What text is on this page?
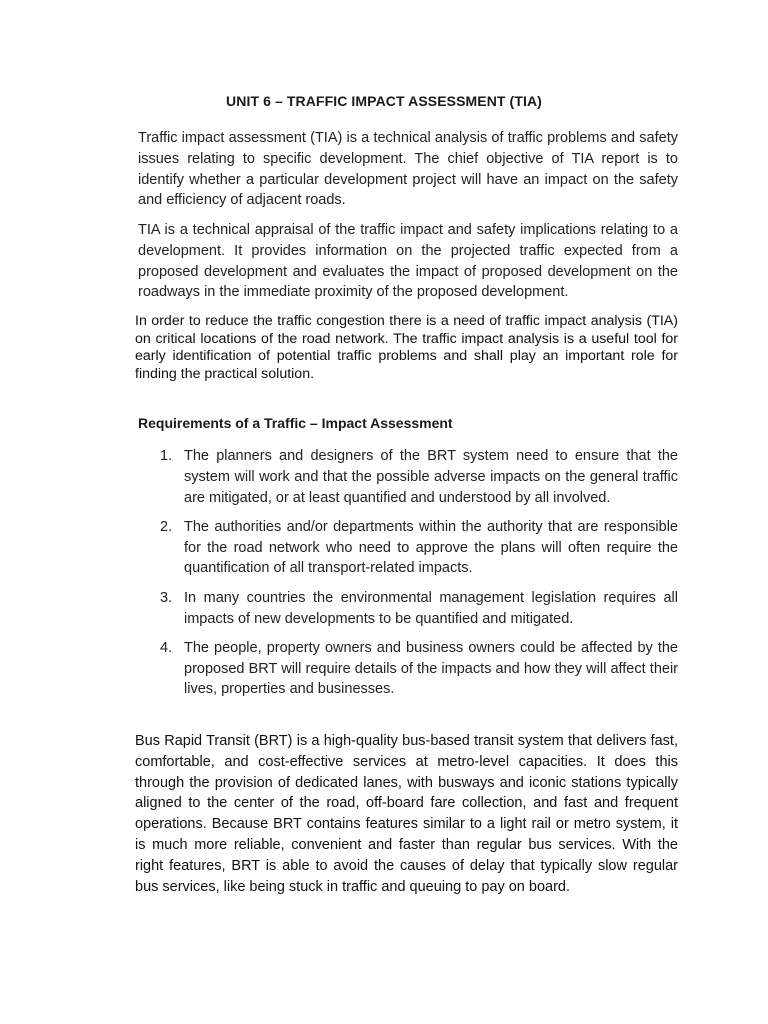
UNIT 6 – TRAFFIC IMPACT ASSESSMENT (TIA)

Traffic impact assessment (TIA) is a technical analysis of traffic problems and safety issues relating to specific development. The chief objective of TIA report is to identify whether a particular development project will have an impact on the safety and efficiency of adjacent roads.

TIA is a technical appraisal of the traffic impact and safety implications relating to a development. It provides information on the projected traffic expected from a proposed development and evaluates the impact of proposed development on the roadways in the immediate proximity of the proposed development.

In order to reduce the traffic congestion there is a need of traffic impact analysis (TIA) on critical locations of the road network. The traffic impact analysis is a useful tool for early identification of potential traffic problems and shall play an important role for finding the practical solution.

Requirements of a Traffic – Impact Assessment
1. The planners and designers of the BRT system need to ensure that the system will work and that the possible adverse impacts on the general traffic are mitigated, or at least quantified and understood by all involved.
2. The authorities and/or departments within the authority that are responsible for the road network who need to approve the plans will often require the quantification of all transport-related impacts.
3. In many countries the environmental management legislation requires all impacts of new developments to be quantified and mitigated.
4. The people, property owners and business owners could be affected by the proposed BRT will require details of the impacts and how they will affect their lives, properties and businesses.

Bus Rapid Transit (BRT) is a high-quality bus-based transit system that delivers fast, comfortable, and cost-effective services at metro-level capacities. It does this through the provision of dedicated lanes, with busways and iconic stations typically aligned to the center of the road, off-board fare collection, and fast and frequent operations. Because BRT contains features similar to a light rail or metro system, it is much more reliable, convenient and faster than regular bus services. With the right features, BRT is able to avoid the causes of delay that typically slow regular bus services, like being stuck in traffic and queuing to pay on board.
